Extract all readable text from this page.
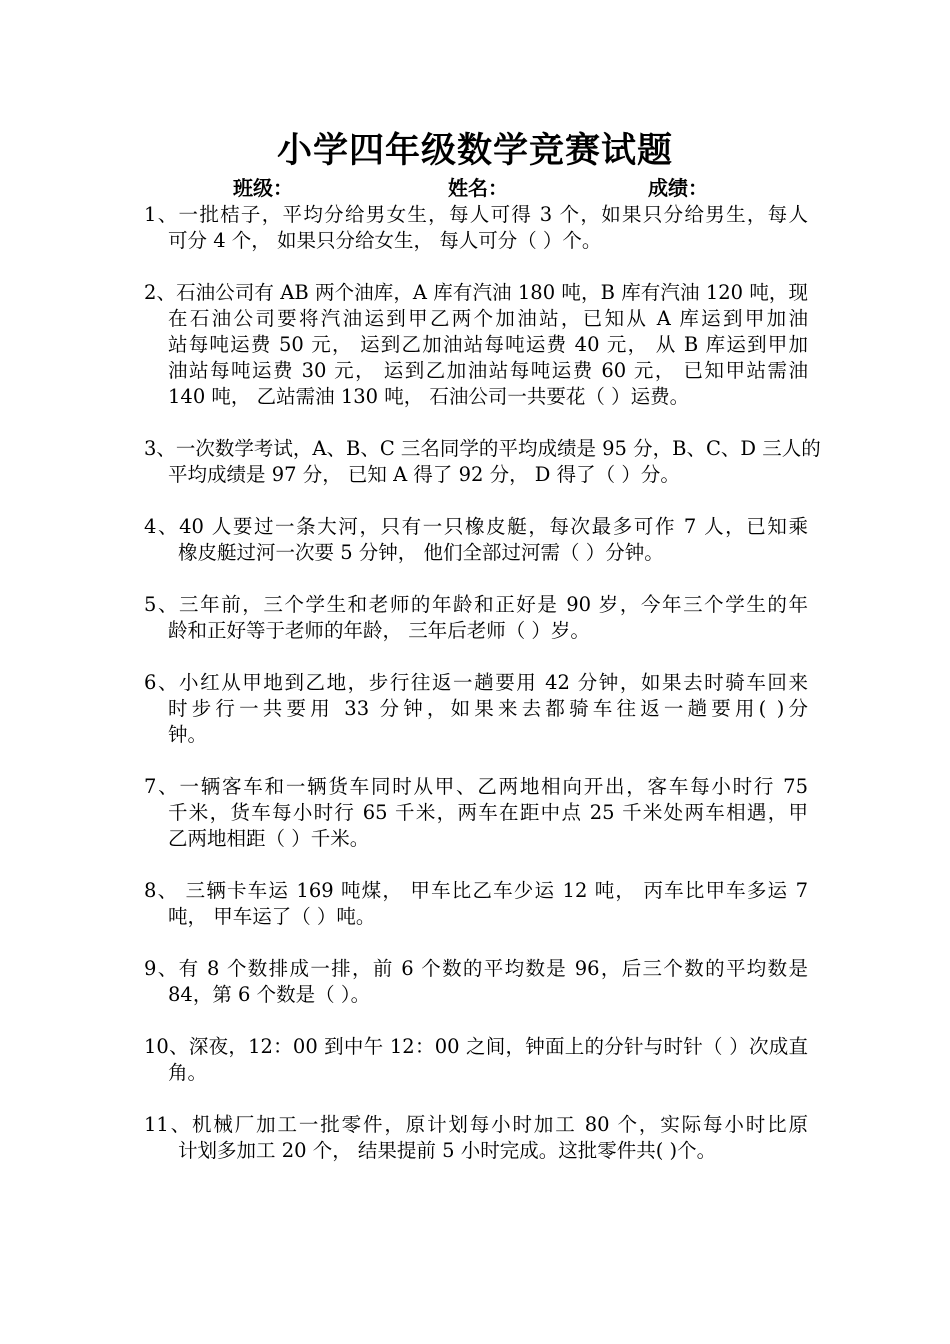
小学四年级数学竞赛试题
班级：	姓名：	成绩：
1、一批桔子，平均分给男女生，每人可得 3 个，如果只分给男生，每人
可分 4 个， 如果只分给女生， 每人可分（ ）个。
2、石油公司有 AB 两个油库，A 库有汽油 180 吨，B 库有汽油 120 吨，现
在石油公司要将汽油运到甲乙两个加油站，已知从 A 库运到甲加油
站每吨运费 50 元， 运到乙加油站每吨运费 40 元， 从 B 库运到甲加
油站每吨运费 30 元， 运到乙加油站每吨运费 60 元， 已知甲站需油
140 吨， 乙站需油 130 吨， 石油公司一共要花（ ）运费。
3、一次数学考试，A、B、C 三名同学的平均成绩是 95 分，B、C、D 三人的
平均成绩是 97 分， 已知 A 得了 92 分， D 得了（ ）分。
4、40 人要过一条大河，只有一只橡皮艇，每次最多可作 7 人，已知乘
橡皮艇过河一次要 5 分钟， 他们全部过河需（ ）分钟。
5、三年前，三个学生和老师的年龄和正好是 90 岁，今年三个学生的年
龄和正好等于老师的年龄， 三年后老师（ ）岁。
6、小红从甲地到乙地，步行往返一趟要用 42 分钟，如果去时骑车回来
时步行一共要用 33 分钟，如果来去都骑车往返一趟要用( )分
钟。
7、一辆客车和一辆货车同时从甲、乙两地相向开出，客车每小时行 75
千米，货车每小时行 65 千米，两车在距中点 25 千米处两车相遇，甲
乙两地相距（ ）千米。
8、 三辆卡车运 169 吨煤， 甲车比乙车少运 12 吨， 丙车比甲车多运 7
吨， 甲车运了（ ）吨。
9、有 8 个数排成一排，前 6 个数的平均数是 96，后三个数的平均数是
84，第 6 个数是（ ）。
10、深夜，12：00 到中午 12：00 之间，钟面上的分针与时针（ ）次成直
角。
11、机械厂加工一批零件，原计划每小时加工 80 个，实际每小时比原
计划多加工 20 个， 结果提前 5 小时完成。这批零件共( )个。
